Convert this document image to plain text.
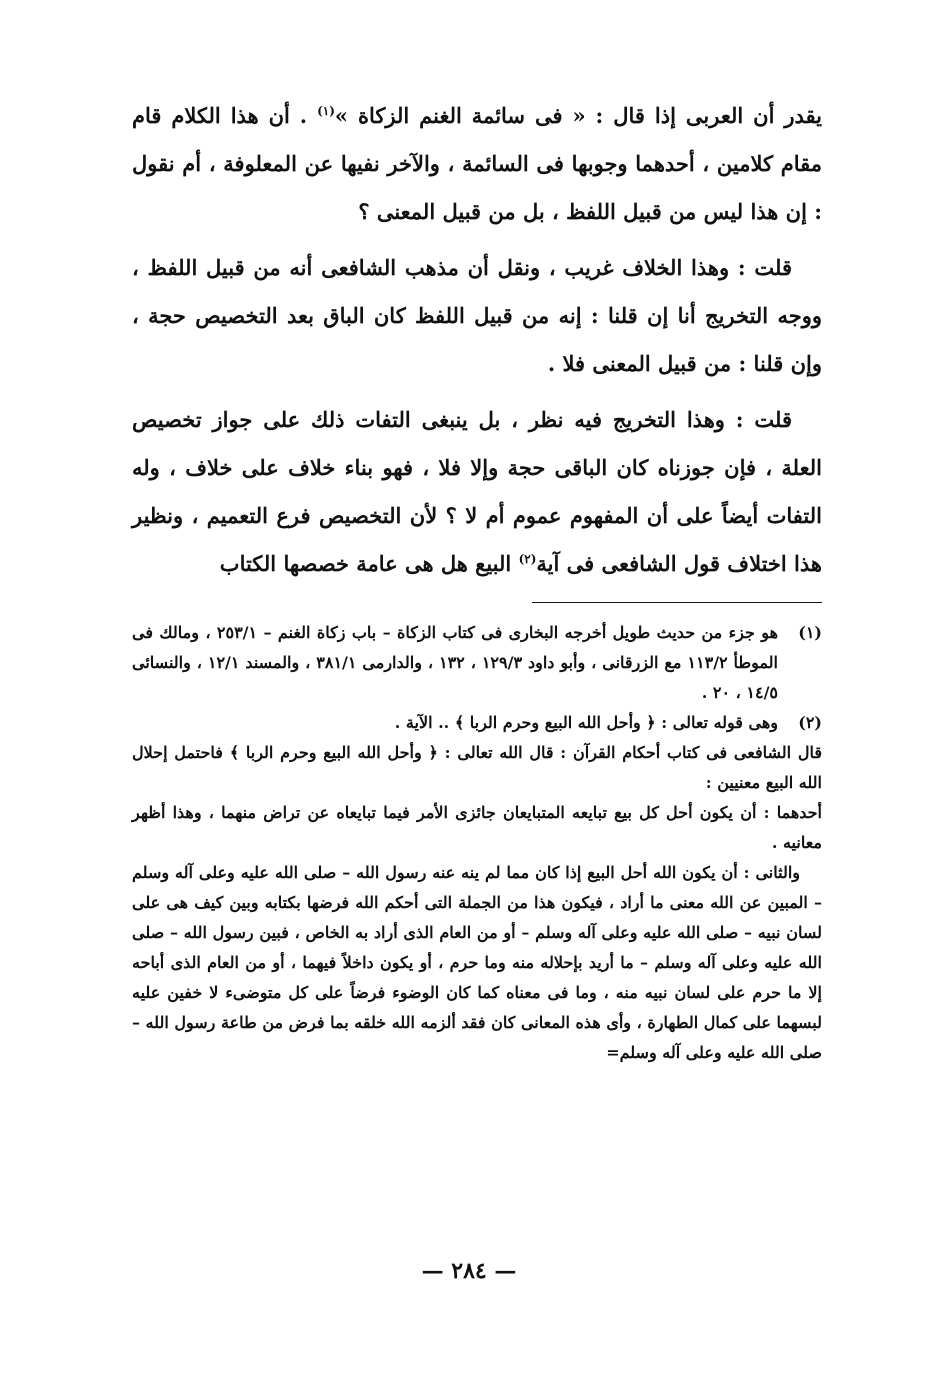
يقدر أن العربى إذا قال : « فى سائمة الغنم الزكاة »$^{(١)}$ . أن هذا الكلام قام مقام كلامين ، أحدهما وجوبها فى السائمة ، والآخر نفيها عن المعلوفة ، أم نقول : إن هذا ليس من قبيل اللفظ ، بل من قبيل المعنى ؟

قلت : وهذا الخلاف غريب ، ونقل أن مذهب الشافعى أنه من قبيل اللفظ ، ووجه التخريج أنا إن قلنا : إنه من قبيل اللفظ كان الباق بعد التخصيص حجة ، وإن قلنا : من قبيل المعنى فلا .

قلت : وهذا التخريج فيه نظر ، بل ينبغى التفات ذلك على جواز تخصيص العلة ، فإن جوزناه كان الباقى حجة وإلا فلا ، فهو بناء خلاف على خلاف ، وله التفات أيضاً على أن المفهوم عموم أم لا ؟ لأن التخصيص فرع التعميم ، ونظير هذا اختلاف قول الشافعى فى آية$^{(٢)}$ البيع هل هى عامة خصصها الكتاب

(١)

هو جزء من حديث طويل أخرجه البخارى فى كتاب الزكاة – باب زكاة الغنم – ٢٥٣/١ ، ومالك فى الموطأ ١١٣/٢ مع الزرقانى ، وأبو داود ١٢٩/٣ ، ١٣٢ ، والدارمى ٣٨١/١ ، والمسند ١٢/١ ، والنسائى ١٤/٥ ، ٢٠ .

(٢)

وهى قوله تعالى : ﴿ وأحل الله البيع وحرم الربا ﴾ .. الآية .

قال الشافعى فى كتاب أحكام القرآن : قال الله تعالى : ﴿ وأحل الله البيع وحرم الربا ﴾ فاحتمل إحلال الله البيع معنيين :

أحدهما : أن يكون أحل كل بيع تبايعه المتبايعان جائزى الأمر فيما تبايعاه عن تراض منهما ، وهذا أظهر معانيه .

والثانى : أن يكون الله أحل البيع إذا كان مما لم ينه عنه رسول الله – صلى الله عليه وعلى آله وسلم – المبين عن الله معنى ما أراد ، فيكون هذا من الجملة التى أحكم الله فرضها بكتابه وبين كيف هى على لسان نبيه – صلى الله عليه وعلى آله وسلم – أو من العام الذى أراد به الخاص ، فبين رسول الله – صلى الله عليه وعلى آله وسلم – ما أريد بإحلاله منه وما حرم ، أو يكون داخلاً فيهما ، أو من العام الذى أباحه إلا ما حرم على لسان نبيه منه ، وما فى معناه كما كان الوضوء فرضاً على كل متوضىء لا خفين عليه لبسهما على كمال الطهارة ، وأى هذه المعانى كان فقد ألزمه الله خلقه بما فرض من طاعة رسول الله – صلى الله عليه وعلى آله وسلم=

— ٢٨٤ —
